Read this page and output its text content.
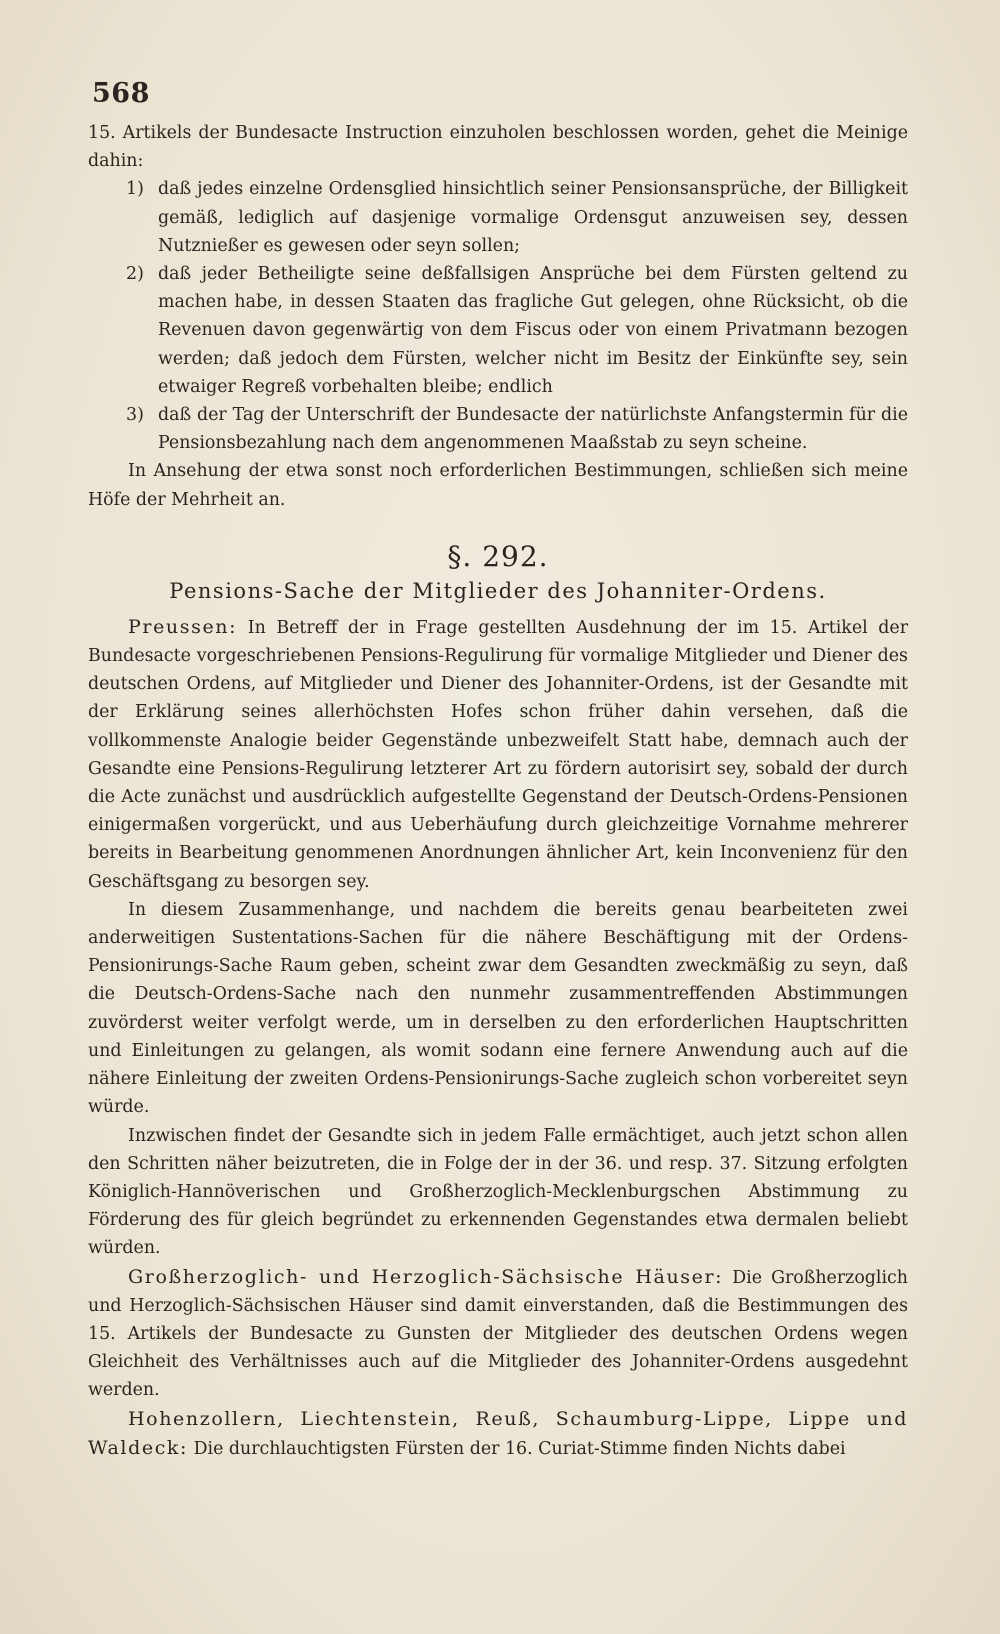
568

15. Artikels der Bundesacte Instruction einzuholen beschlossen worden, gehet die Meinige dahin:

1) daß jedes einzelne Ordensglied hinsichtlich seiner Pensionsansprüche, der Billigkeit gemäß, lediglich auf dasjenige vormalige Ordensgut anzuweisen sey, dessen Nutznießer es gewesen oder seyn sollen;
2) daß jeder Betheiligte seine deßfallsigen Ansprüche bei dem Fürsten geltend zu machen habe, in dessen Staaten das fragliche Gut gelegen, ohne Rücksicht, ob die Revenuen davon gegenwärtig von dem Fiscus oder von einem Privatmann bezogen werden; daß jedoch dem Fürsten, welcher nicht im Besitz der Einkünfte sey, sein etwaiger Regreß vorbehalten bleibe; endlich
3) daß der Tag der Unterschrift der Bundesacte der natürlichste Anfangstermin für die Pensionsbezahlung nach dem angenommenen Maaßstab zu seyn scheine.

In Ansehung der etwa sonst noch erforderlichen Bestimmungen, schließen sich meine Höfe der Mehrheit an.

§. 292.
Pensions-Sache der Mitglieder des Johanniter-Ordens.

Preussen: In Betreff der in Frage gestellten Ausdehnung der im 15. Artikel der Bundesacte vorgeschriebenen Pensions-Regulirung für vormalige Mitglieder und Diener des deutschen Ordens, auf Mitglieder und Diener des Johanniter-Ordens, ist der Gesandte mit der Erklärung seines allerhöchsten Hofes schon früher dahin versehen, daß die vollkommenste Analogie beider Gegenstände unbezweifelt Statt habe, demnach auch der Gesandte eine Pensions-Regulirung letzterer Art zu fördern autorisirt sey, sobald der durch die Acte zunächst und ausdrücklich aufgestellte Gegenstand der Deutsch-Ordens-Pensionen einigermaßen vorgerückt, und aus Ueberhäufung durch gleichzeitige Vornahme mehrerer bereits in Bearbeitung genommenen Anordnungen ähnlicher Art, kein Inconvenienz für den Geschäftsgang zu besorgen sey.

In diesem Zusammenhange, und nachdem die bereits genau bearbeiteten zwei anderweitigen Sustentations-Sachen für die nähere Beschäftigung mit der Ordens-Pensionirungs-Sache Raum geben, scheint zwar dem Gesandten zweckmäßig zu seyn, daß die Deutsch-Ordens-Sache nach den nunmehr zusammentreffenden Abstimmungen zuvörderst weiter verfolgt werde, um in derselben zu den erforderlichen Hauptschritten und Einleitungen zu gelangen, als womit sodann eine fernere Anwendung auch auf die nähere Einleitung der zweiten Ordens-Pensionirungs-Sache zugleich schon vorbereitet seyn würde.

Inzwischen findet der Gesandte sich in jedem Falle ermächtiget, auch jetzt schon allen den Schritten näher beizutreten, die in Folge der in der 36. und resp. 37. Sitzung erfolgten Königlich-Hannöverischen und Großherzoglich-Mecklenburgschen Abstimmung zu Förderung des für gleich begründet zu erkennenden Gegenstandes etwa dermalen beliebt würden.

Großherzoglich- und Herzoglich-Sächsische Häuser: Die Großherzoglich und Herzoglich-Sächsischen Häuser sind damit einverstanden, daß die Bestimmungen des 15. Artikels der Bundesacte zu Gunsten der Mitglieder des deutschen Ordens wegen Gleichheit des Verhältnisses auch auf die Mitglieder des Johanniter-Ordens ausgedehnt werden.

Hohenzollern, Liechtenstein, Reuß, Schaumburg-Lippe, Lippe und Waldeck: Die durchlauchtigsten Fürsten der 16. Curiat-Stimme finden Nichts dabei
